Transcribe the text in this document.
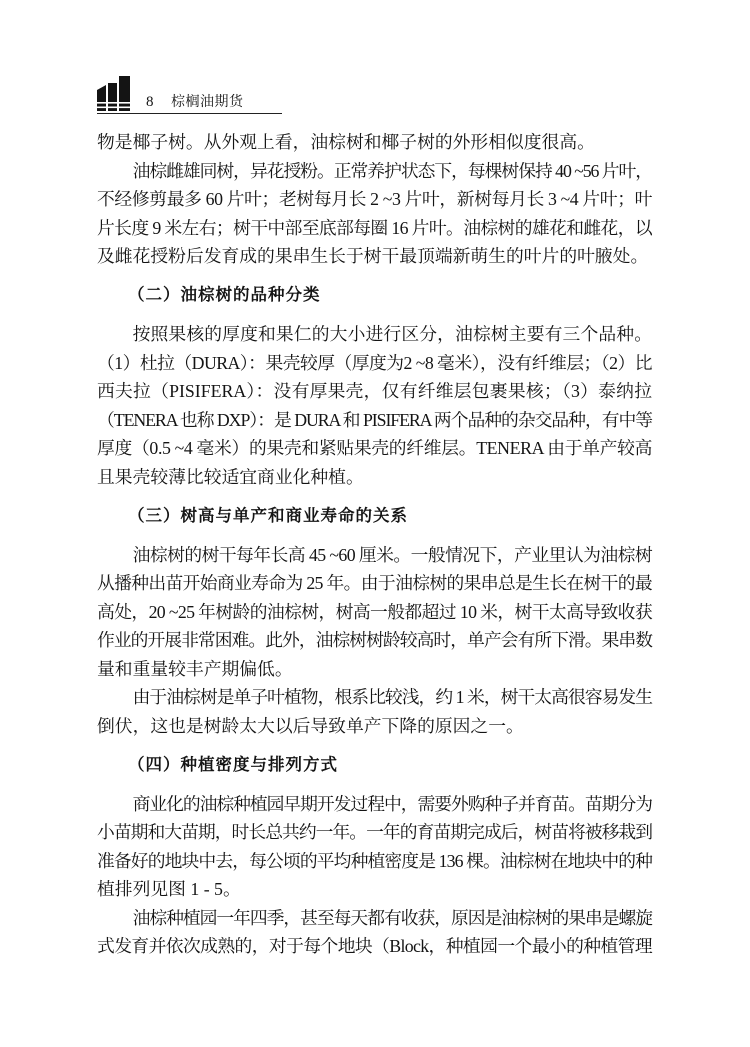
8 棕榈油期货
物是椰子树。从外观上看，油棕树和椰子树的外形相似度很高。
油棕雌雄同树，异花授粉。正常养护状态下，每棵树保持 40 ~56 片叶，
不经修剪最多 60 片叶；老树每月长 2 ~3 片叶，新树每月长 3 ~4 片叶；叶
片长度 9 米左右；树干中部至底部每圈 16 片叶。油棕树的雄花和雌花，以
及雌花授粉后发育成的果串生长于树干最顶端新萌生的叶片的叶腋处。
（二）油棕树的品种分类
按照果核的厚度和果仁的大小进行区分，油棕树主要有三个品种。
（1）杜拉（DURA）：果壳较厚（厚度为2 ~8 毫米），没有纤维层；（2）比
西夫拉（PISIFERA）：没有厚果壳，仅有纤维层包裹果核；（3）泰纳拉
（TENERA 也称 DXP）：是 DURA 和 PISIFERA 两个品种的杂交品种，有中等
厚度（0.5 ~4 毫米）的果壳和紧贴果壳的纤维层。TENERA 由于单产较高
且果壳较薄比较适宜商业化种植。
（三）树高与单产和商业寿命的关系
油棕树的树干每年长高 45 ~60 厘米。一般情况下，产业里认为油棕树
从播种出苗开始商业寿命为 25 年。由于油棕树的果串总是生长在树干的最
高处，20 ~25 年树龄的油棕树，树高一般都超过 10 米，树干太高导致收获
作业的开展非常困难。此外，油棕树树龄较高时，单产会有所下滑。果串数
量和重量较丰产期偏低。
由于油棕树是单子叶植物，根系比较浅，约 1 米，树干太高很容易发生
倒伏，这也是树龄太大以后导致单产下降的原因之一。
（四）种植密度与排列方式
商业化的油棕种植园早期开发过程中，需要外购种子并育苗。苗期分为
小苗期和大苗期，时长总共约一年。一年的育苗期完成后，树苗将被移栽到
准备好的地块中去，每公顷的平均种植密度是 136 棵。油棕树在地块中的种
植排列见图 1 - 5。
油棕种植园一年四季，甚至每天都有收获，原因是油棕树的果串是螺旋
式发育并依次成熟的，对于每个地块（Block，种植园一个最小的种植管理
